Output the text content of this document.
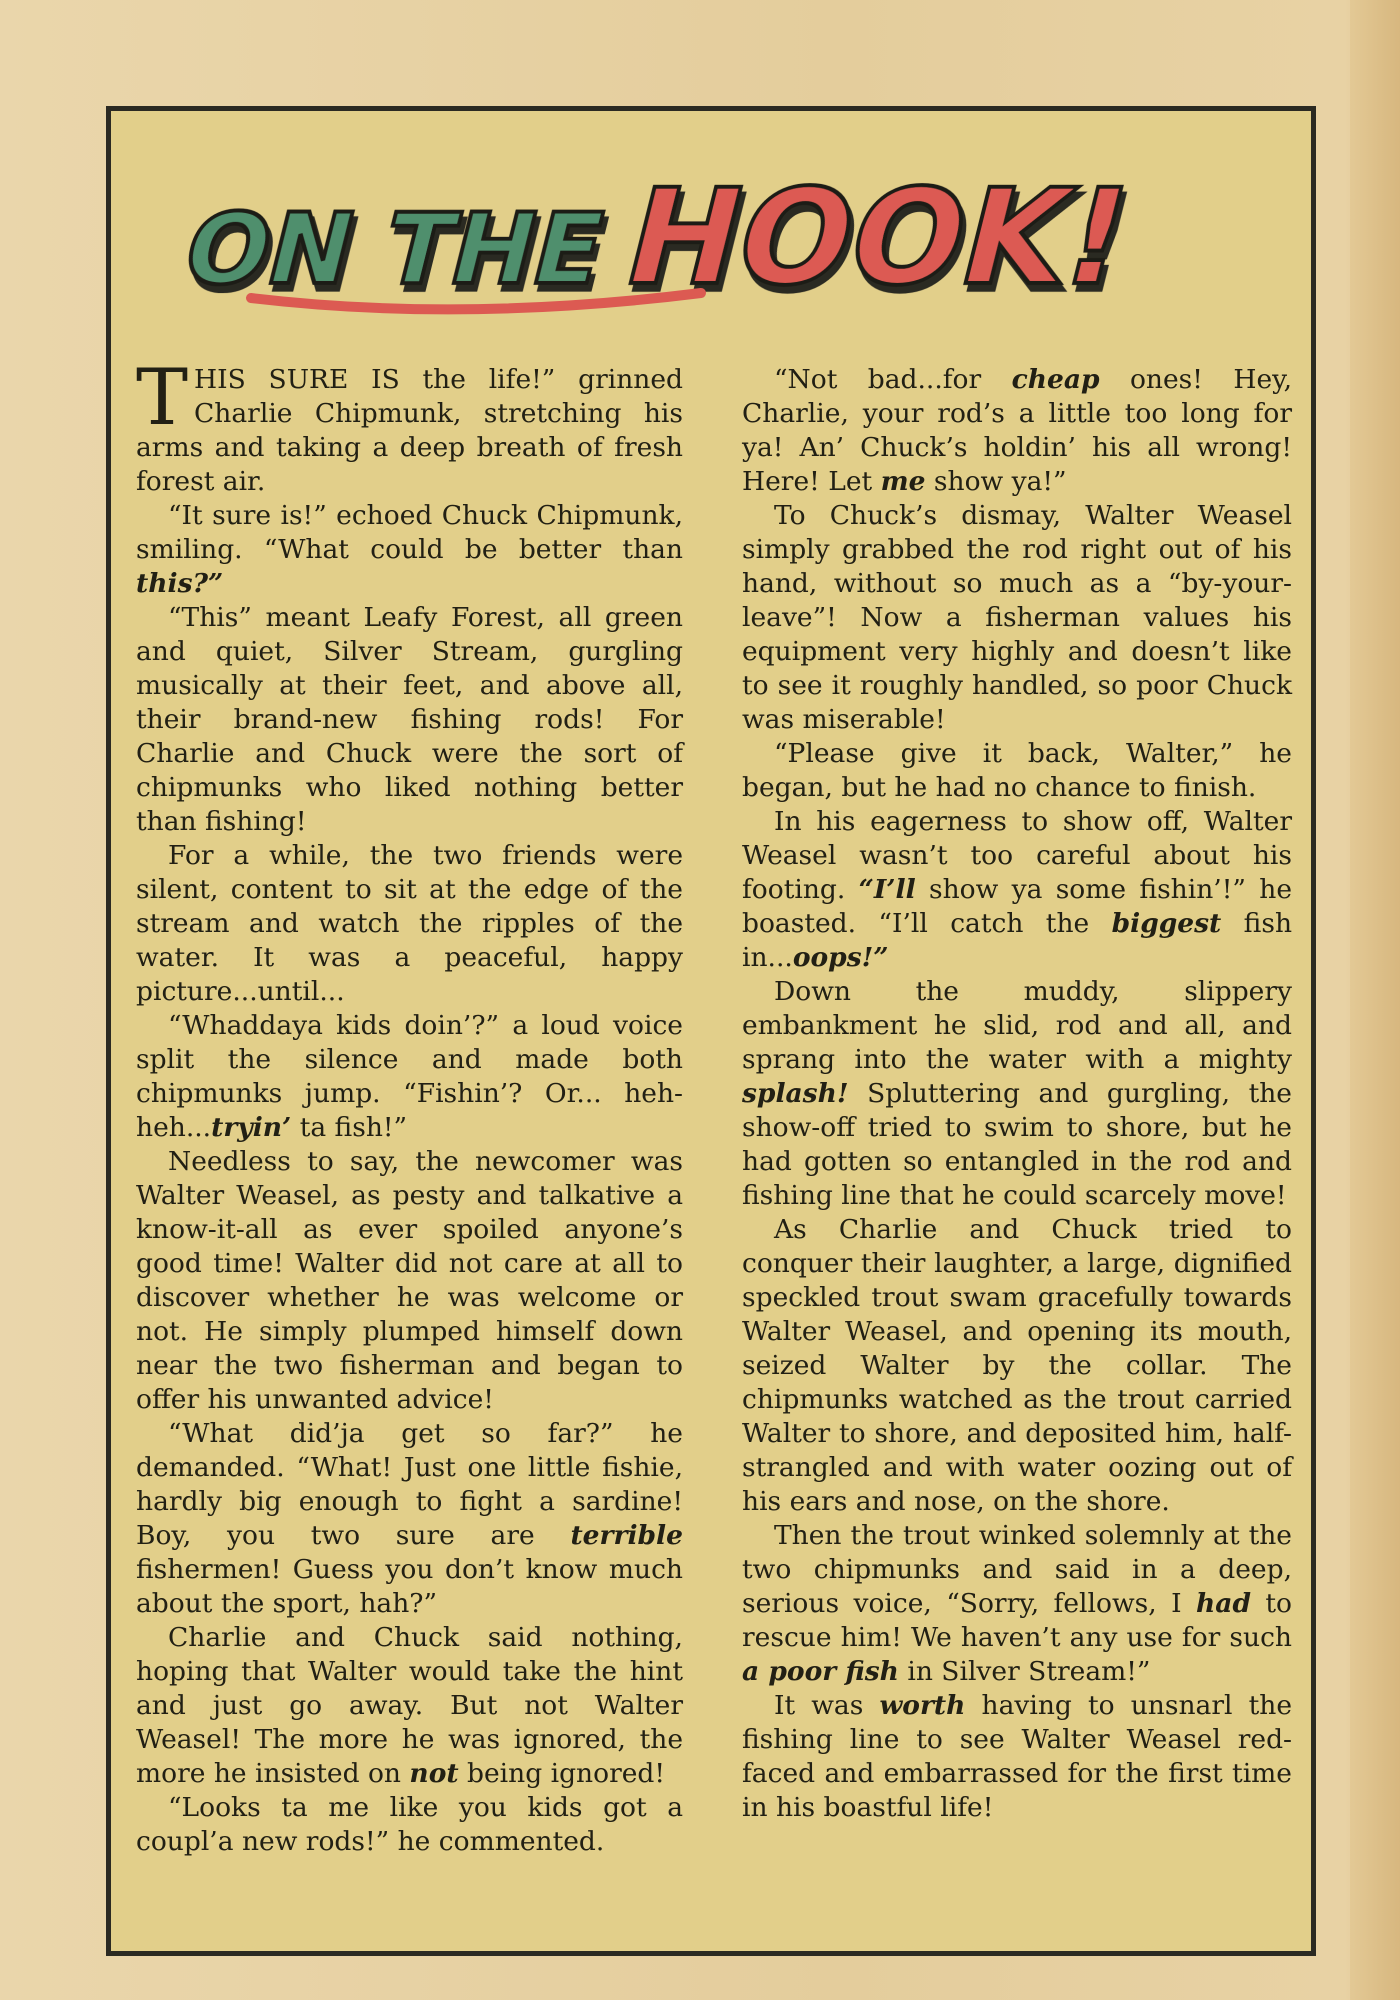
ON THE
HOOK!

THIS SURE IS the life!” grinned Charlie Chipmunk, stretching his arms and taking a deep breath of fresh forest air.

“It sure is!” echoed Chuck Chipmunk, smiling. “What could be better than this?”

“This” meant Leafy Forest, all green and quiet, Silver Stream, gurgling musically at their feet, and above all, their brand-new fishing rods! For Charlie and Chuck were the sort of chipmunks who liked nothing better than fishing!

For a while, the two friends were silent, content to sit at the edge of the stream and watch the ripples of the water. It was a peaceful, happy picture...until...

“Whaddaya kids doin’?” a loud voice split the silence and made both chipmunks jump. “Fishin’? Or... heh-heh...tryin’ ta fish!”

Needless to say, the newcomer was Walter Weasel, as pesty and talkative a know-it-all as ever spoiled anyone’s good time! Walter did not care at all to discover whether he was welcome or not. He simply plumped himself down near the two fisherman and began to offer his unwanted advice!

“What did’ja get so far?” he demanded. “What! Just one little fishie, hardly big enough to fight a sardine! Boy, you two sure are terrible fishermen! Guess you don’t know much about the sport, hah?”

Charlie and Chuck said nothing, hoping that Walter would take the hint and just go away. But not Walter Weasel! The more he was ignored, the more he insisted on not being ignored!

“Looks ta me like you kids got a coupl’a new rods!” he commented.

“Not bad...for cheap ones! Hey, Charlie, your rod’s a little too long for ya! An’ Chuck’s holdin’ his all wrong! Here! Let me show ya!”

To Chuck’s dismay, Walter Weasel simply grabbed the rod right out of his hand, without so much as a “by-your-leave”! Now a fisherman values his equipment very highly and doesn’t like to see it roughly handled, so poor Chuck was miserable!

“Please give it back, Walter,” he began, but he had no chance to finish.

In his eagerness to show off, Walter Weasel wasn’t too careful about his footing. “I’ll show ya some fishin’!” he boasted. “I’ll catch the biggest fish in...oops!”

Down the muddy, slippery embankment he slid, rod and all, and sprang into the water with a mighty splash! Spluttering and gurgling, the show-off tried to swim to shore, but he had gotten so entangled in the rod and fishing line that he could scarcely move!

As Charlie and Chuck tried to conquer their laughter, a large, dignified speckled trout swam gracefully towards Walter Weasel, and opening its mouth, seized Walter by the collar. The chipmunks watched as the trout carried Walter to shore, and deposited him, half-strangled and with water oozing out of his ears and nose, on the shore.

Then the trout winked solemnly at the two chipmunks and said in a deep, serious voice, “Sorry, fellows, I had to rescue him! We haven’t any use for such a poor fish in Silver Stream!”

It was worth having to unsnarl the fishing line to see Walter Weasel red-faced and embarrassed for the first time in his boastful life!
